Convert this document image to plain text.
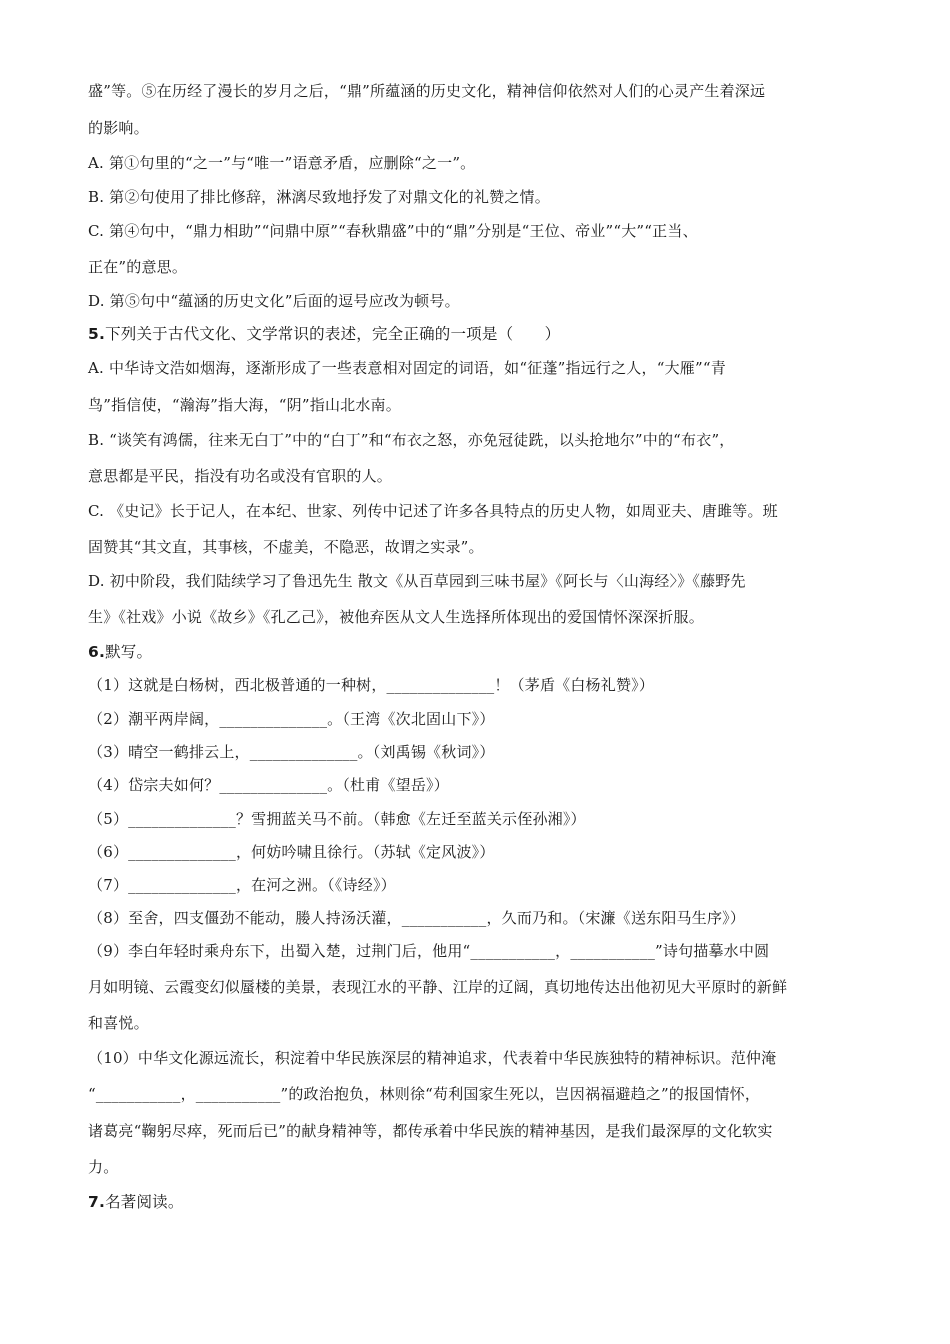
盛”等。⑤在历经了漫长的岁月之后，“鼎”所蕴涵的历史文化，精神信仰依然对人们的心灵产生着深远
的影响。
A. 第①句里的“之一”与“唯一”语意矛盾，应删除“之一”。
B. 第②句使用了排比修辞，淋漓尽致地抒发了对鼎文化的礼赞之情。
C. 第④句中，“鼎力相助”“问鼎中原”“春秋鼎盛”中的“鼎”分别是“王位、帝业”“大”“正当、
正在”的意思。
D. 第⑤句中“蕴涵的历史文化”后面的逗号应改为顿号。
5.下列关于古代文化、文学常识的表述，完全正确的一项是（　　）
A. 中华诗文浩如烟海，逐渐形成了一些表意相对固定的词语，如“征蓬”指远行之人，“大雁”“青
鸟”指信使，“瀚海”指大海，“阴”指山北水南。
B. “谈笑有鸿儒，往来无白丁”中的“白丁”和“布衣之怒，亦免冠徒跣，以头抢地尔”中的“布衣”，
意思都是平民，指没有功名或没有官职的人。
C. 《史记》长于记人，在本纪、世家、列传中记述了许多各具特点的历史人物，如周亚夫、唐雎等。班
固赞其“其文直，其事核，不虚美，不隐恶，故谓之实录”。
D. 初中阶段，我们陆续学习了鲁迅先生 散文《从百草园到三味书屋》《阿长与〈山海经〉》《藤野先
生》《社戏》小说《故乡》《孔乙己》，被他弃医从文人生选择所体现出的爱国情怀深深折服。
6.默写。
（1）这就是白杨树，西北极普通的一种树，______________！（茅盾《白杨礼赞》）
（2）潮平两岸阔，______________。（王湾《次北固山下》）
（3）晴空一鹤排云上，______________。（刘禹锡《秋词》）
（4）岱宗夫如何？______________。（杜甫《望岳》）
（5）______________？雪拥蓝关马不前。（韩愈《左迁至蓝关示侄孙湘》）
（6）______________，何妨吟啸且徐行。（苏轼《定风波》）
（7）______________，在河之洲。（《诗经》）
（8）至舍，四支僵劲不能动，媵人持汤沃灌，___________，久而乃和。（宋濂《送东阳马生序》）
（9）李白年轻时乘舟东下，出蜀入楚，过荆门后，他用“___________，___________”诗句描摹水中圆
月如明镜、云霞变幻似蜃楼的美景，表现江水的平静、江岸的辽阔，真切地传达出他初见大平原时的新鲜
和喜悦。
（10）中华文化源远流长，积淀着中华民族深层的精神追求，代表着中华民族独特的精神标识。范仲淹
“___________，___________”的政治抱负，林则徐“苟利国家生死以，岂因祸福避趋之”的报国情怀，
诸葛亮“鞠躬尽瘁，死而后已”的献身精神等，都传承着中华民族的精神基因，是我们最深厚的文化软实
力。
7.名著阅读。
